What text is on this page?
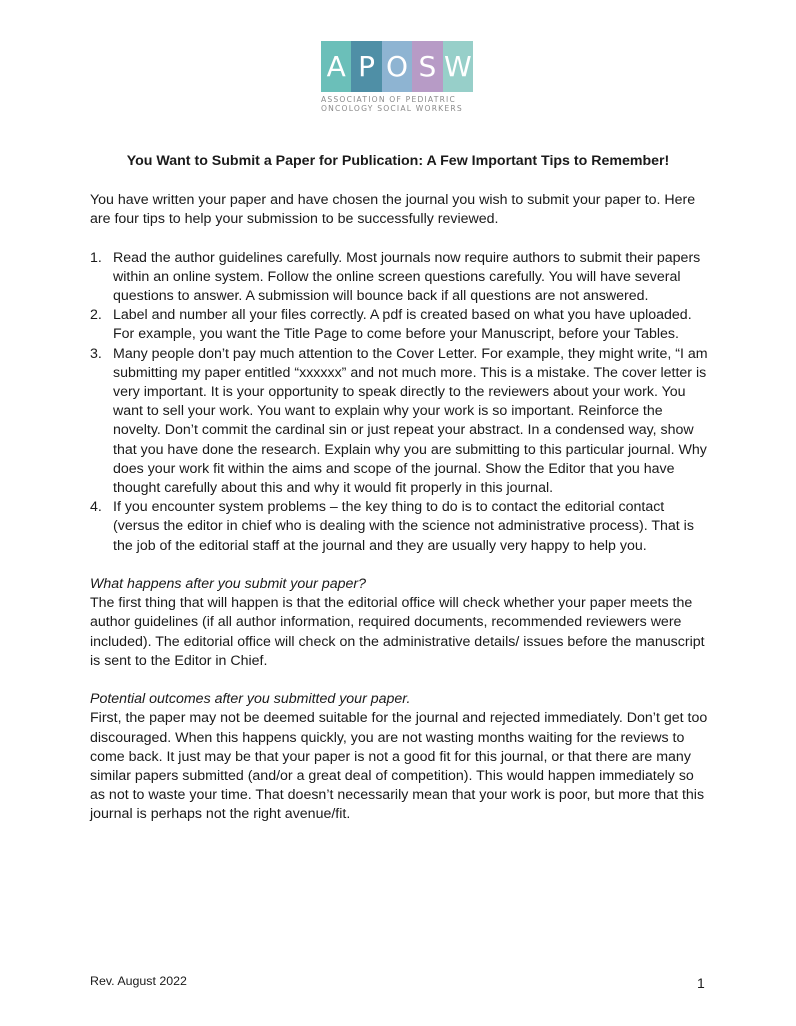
A P O S W
ASSOCIATION OF PEDIATRIC
ONCOLOGY SOCIAL WORKERS
You Want to Submit a Paper for Publication: A Few Important Tips to Remember!

You have written your paper and have chosen the journal you wish to submit your paper to. Here are four tips to help your submission to be successfully reviewed.

1. Read the author guidelines carefully. Most journals now require authors to submit their papers within an online system. Follow the online screen questions carefully. You will have several questions to answer. A submission will bounce back if all questions are not answered.
2. Label and number all your files correctly. A pdf is created based on what you have uploaded. For example, you want the Title Page to come before your Manuscript, before your Tables.
3. Many people don’t pay much attention to the Cover Letter. For example, they might write, “I am submitting my paper entitled “xxxxxx” and not much more. This is a mistake. The cover letter is very important. It is your opportunity to speak directly to the reviewers about your work. You want to sell your work. You want to explain why your work is so important. Reinforce the novelty. Don’t commit the cardinal sin or just repeat your abstract. In a condensed way, show that you have done the research. Explain why you are submitting to this particular journal. Why does your work fit within the aims and scope of the journal. Show the Editor that you have thought carefully about this and why it would fit properly in this journal.
4. If you encounter system problems – the key thing to do is to contact the editorial contact (versus the editor in chief who is dealing with the science not administrative process). That is the job of the editorial staff at the journal and they are usually very happy to help you.

What happens after you submit your paper?

The first thing that will happen is that the editorial office will check whether your paper meets the author guidelines (if all author information, required documents, recommended reviewers were included). The editorial office will check on the administrative details/ issues before the manuscript is sent to the Editor in Chief.

Potential outcomes after you submitted your paper.

First, the paper may not be deemed suitable for the journal and rejected immediately. Don’t get too discouraged. When this happens quickly, you are not wasting months waiting for the reviews to come back. It just may be that your paper is not a good fit for this journal, or that there are many similar papers submitted (and/or a great deal of competition). This would happen immediately so as not to waste your time. That doesn’t necessarily mean that your work is poor, but more that this journal is perhaps not the right avenue/fit.

Rev. August 2022	1
